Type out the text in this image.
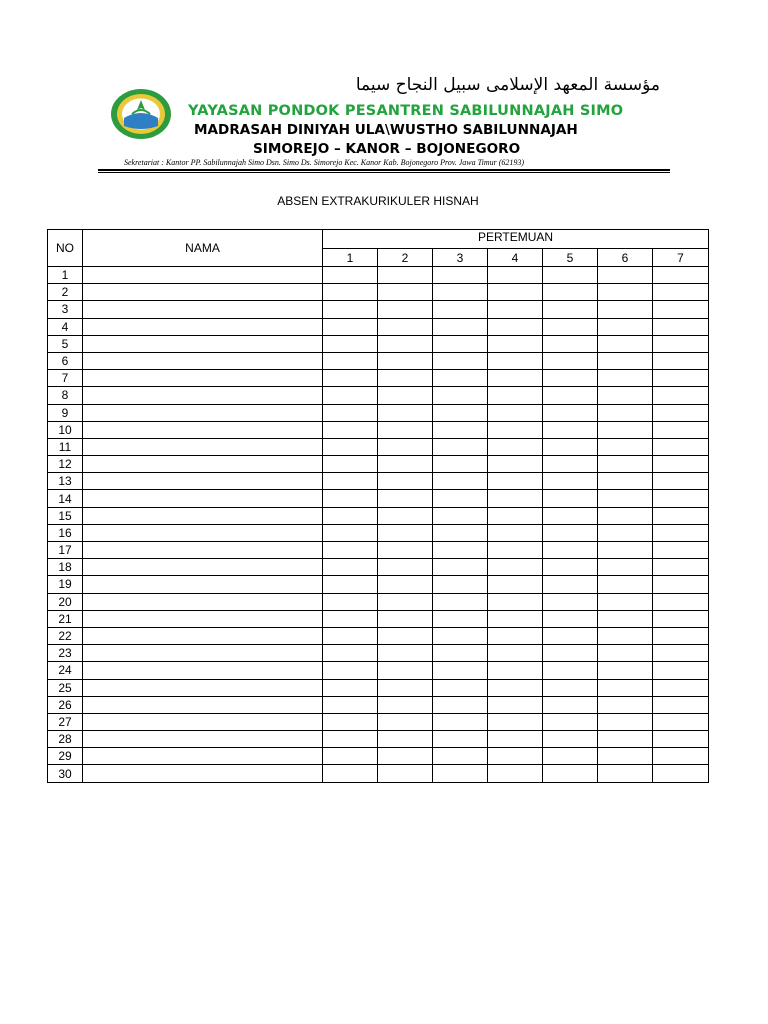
مؤسسة المعهد الإسلامى سبيل النجاح سيما
YAYASAN PONDOK PESANTREN SABILUNNAJAH SIMO
MADRASAH DINIYAH ULA\WUSTHO SABILUNNAJAH
SIMOREJO – KANOR – BOJONEGORO
Sekretariat : Kantor PP. Sabilunnajah Simo Dsn. Simo Ds. Simorejo Kec. Kanor Kab. Bojonegoro Prov. Jawa Timur (62193)
ABSEN EXTRAKURIKULER HISNAH
NO	NAMA	PERTEMUAN						
		1	2	3	4	5	6	7
1								
2								
3								
4								
5								
6								
7								
8								
9								
10								
11								
12								
13								
14								
15								
16								
17								
18								
19								
20								
21								
22								
23								
24								
25								
26								
27								
28								
29								
30								
